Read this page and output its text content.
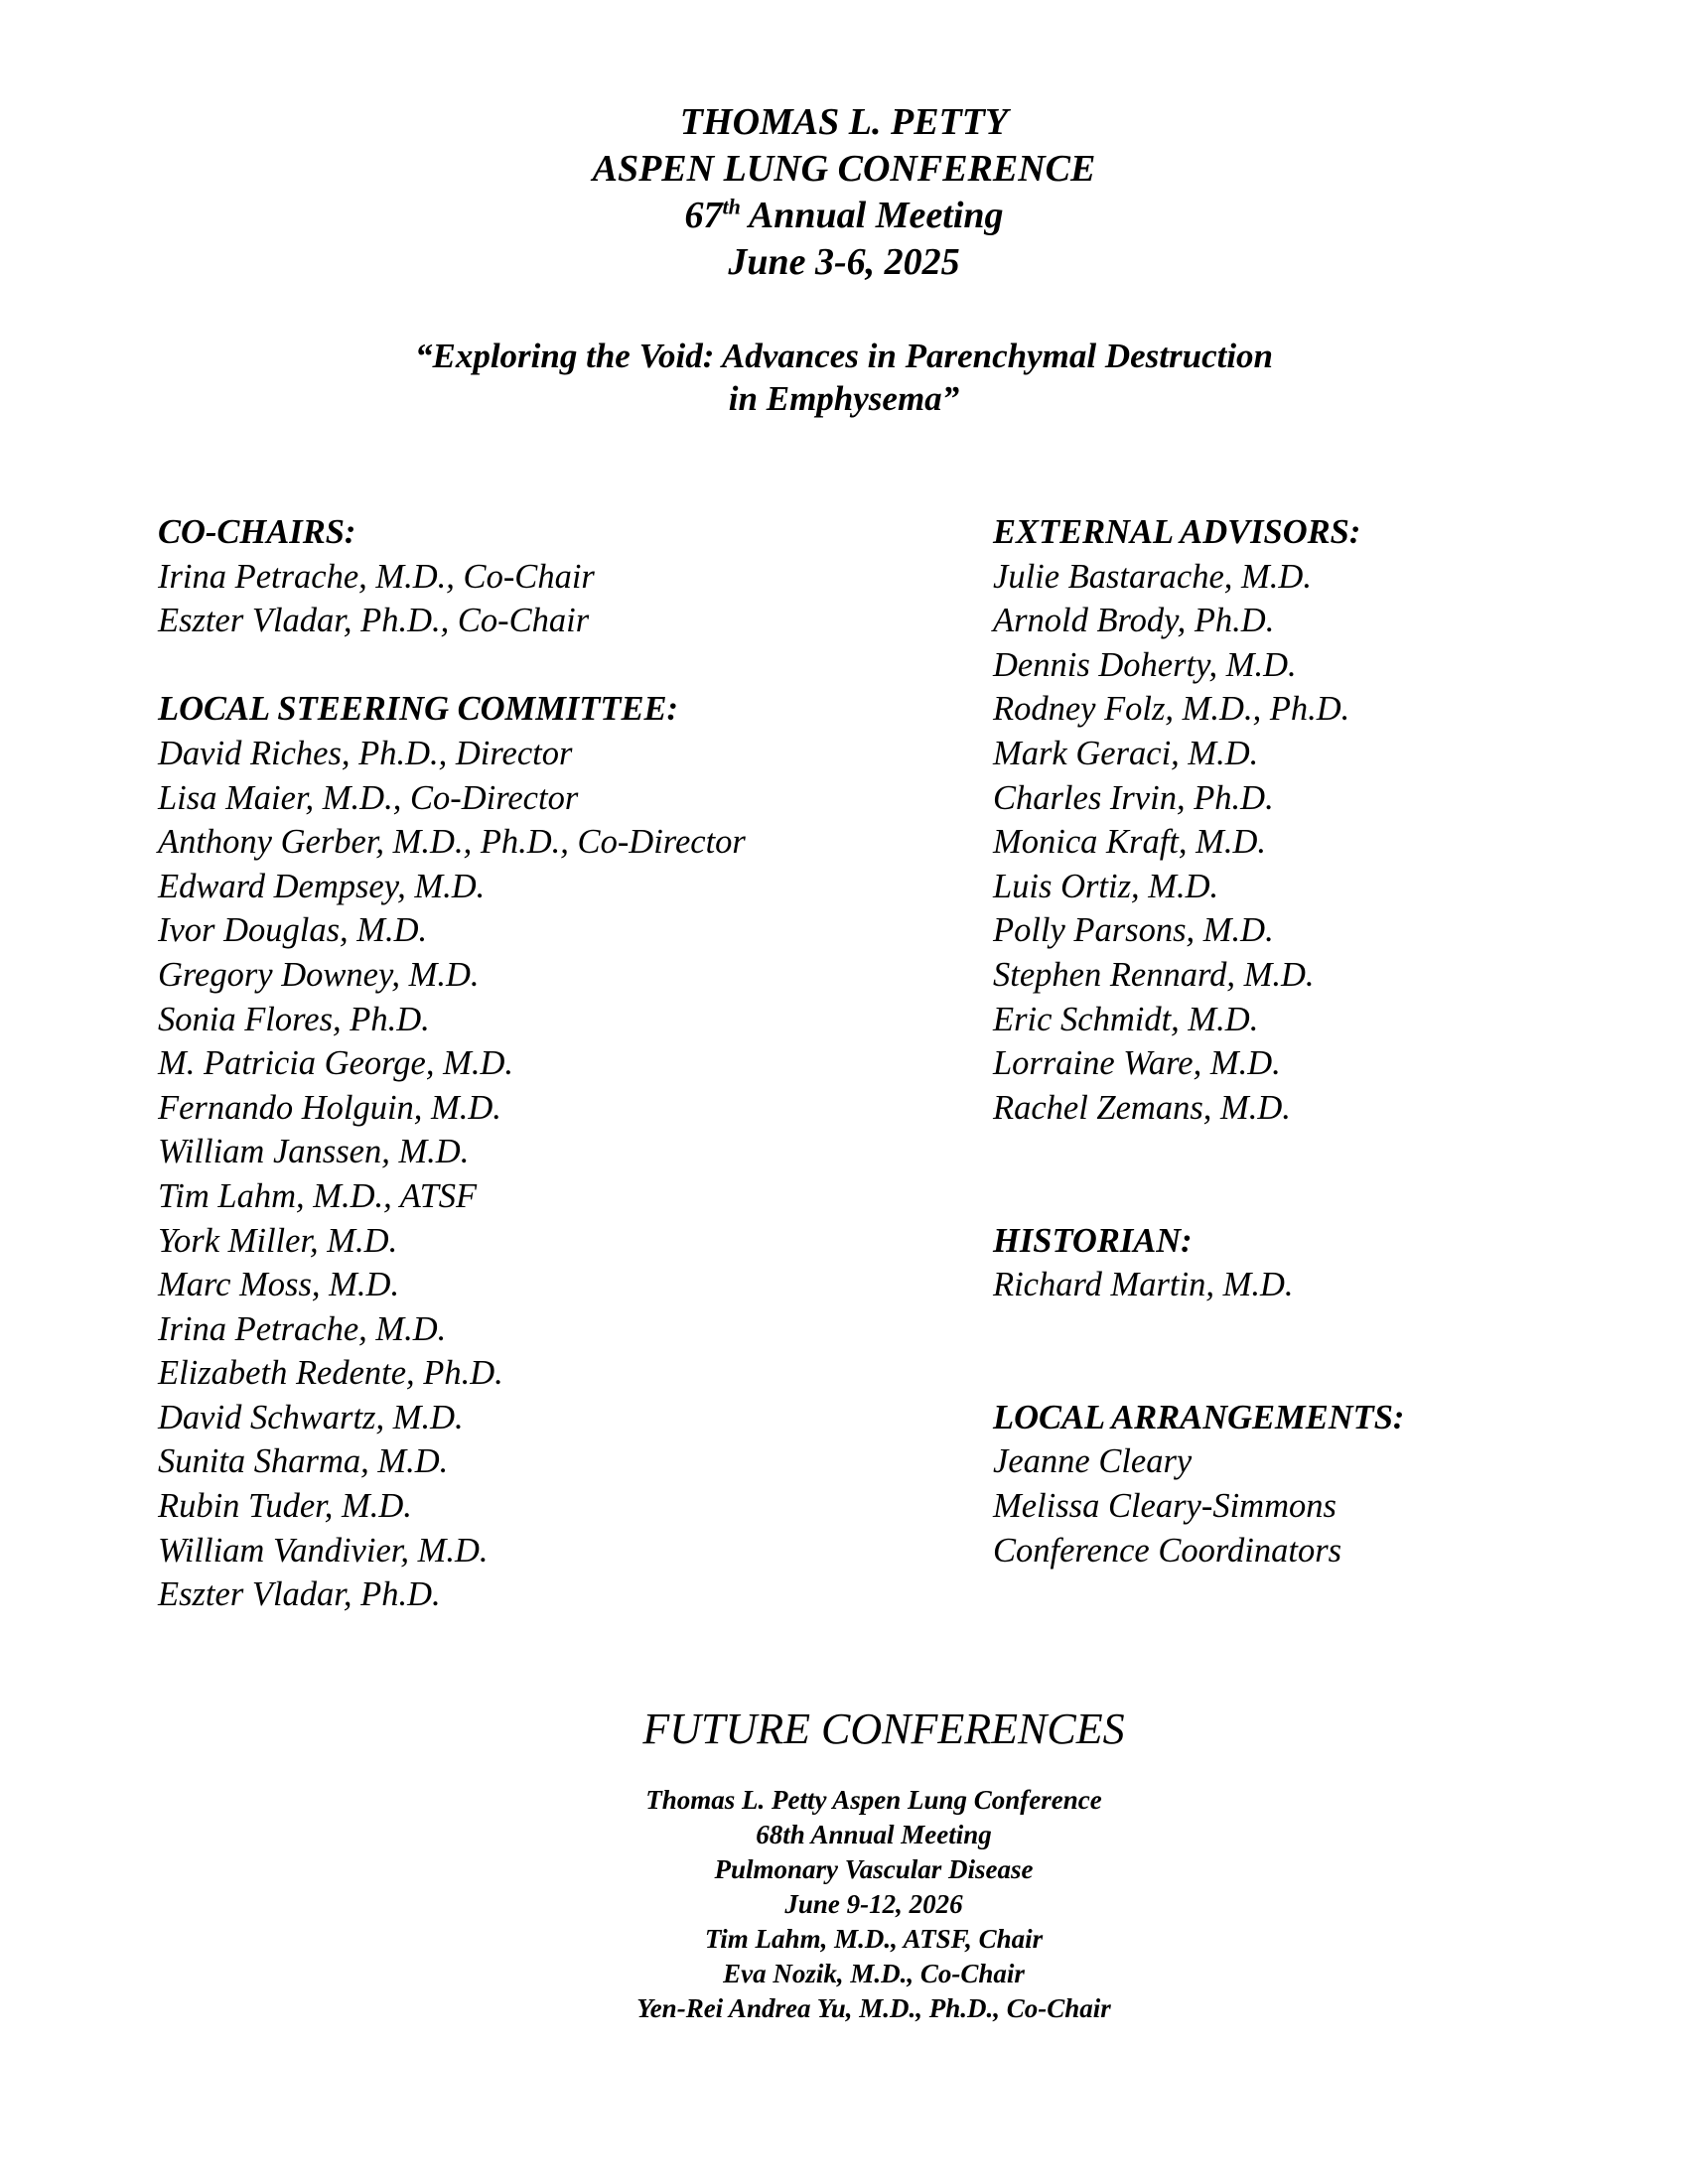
THOMAS L. PETTY
ASPEN LUNG CONFERENCE
67th Annual Meeting
June 3-6, 2025
“Exploring the Void: Advances in Parenchymal Destruction
in Emphysema”
CO-CHAIRS:
Irina Petrache, M.D., Co-Chair
Eszter Vladar, Ph.D., Co-Chair
LOCAL STEERING COMMITTEE:
David Riches, Ph.D., Director
Lisa Maier, M.D., Co-Director
Anthony Gerber, M.D., Ph.D., Co-Director
Edward Dempsey, M.D.
Ivor Douglas, M.D.
Gregory Downey, M.D.
Sonia Flores, Ph.D.
M. Patricia George, M.D.
Fernando Holguin, M.D.
William Janssen, M.D.
Tim Lahm, M.D., ATSF
York Miller, M.D.
Marc Moss, M.D.
Irina Petrache, M.D.
Elizabeth Redente, Ph.D.
David Schwartz, M.D.
Sunita Sharma, M.D.
Rubin Tuder, M.D.
William Vandivier, M.D.
Eszter Vladar, Ph.D.
EXTERNAL ADVISORS:
Julie Bastarache, M.D.
Arnold Brody, Ph.D.
Dennis Doherty, M.D.
Rodney Folz, M.D., Ph.D.
Mark Geraci, M.D.
Charles Irvin, Ph.D.
Monica Kraft, M.D.
Luis Ortiz, M.D.
Polly Parsons, M.D.
Stephen Rennard, M.D.
Eric Schmidt, M.D.
Lorraine Ware, M.D.
Rachel Zemans, M.D.
HISTORIAN:
Richard Martin, M.D.
LOCAL ARRANGEMENTS:
Jeanne Cleary
Melissa Cleary-Simmons
Conference Coordinators
FUTURE CONFERENCES
Thomas L. Petty Aspen Lung Conference
68th Annual Meeting
Pulmonary Vascular Disease
June 9-12, 2026
Tim Lahm, M.D., ATSF, Chair
Eva Nozik, M.D., Co-Chair
Yen-Rei Andrea Yu, M.D., Ph.D., Co-Chair
